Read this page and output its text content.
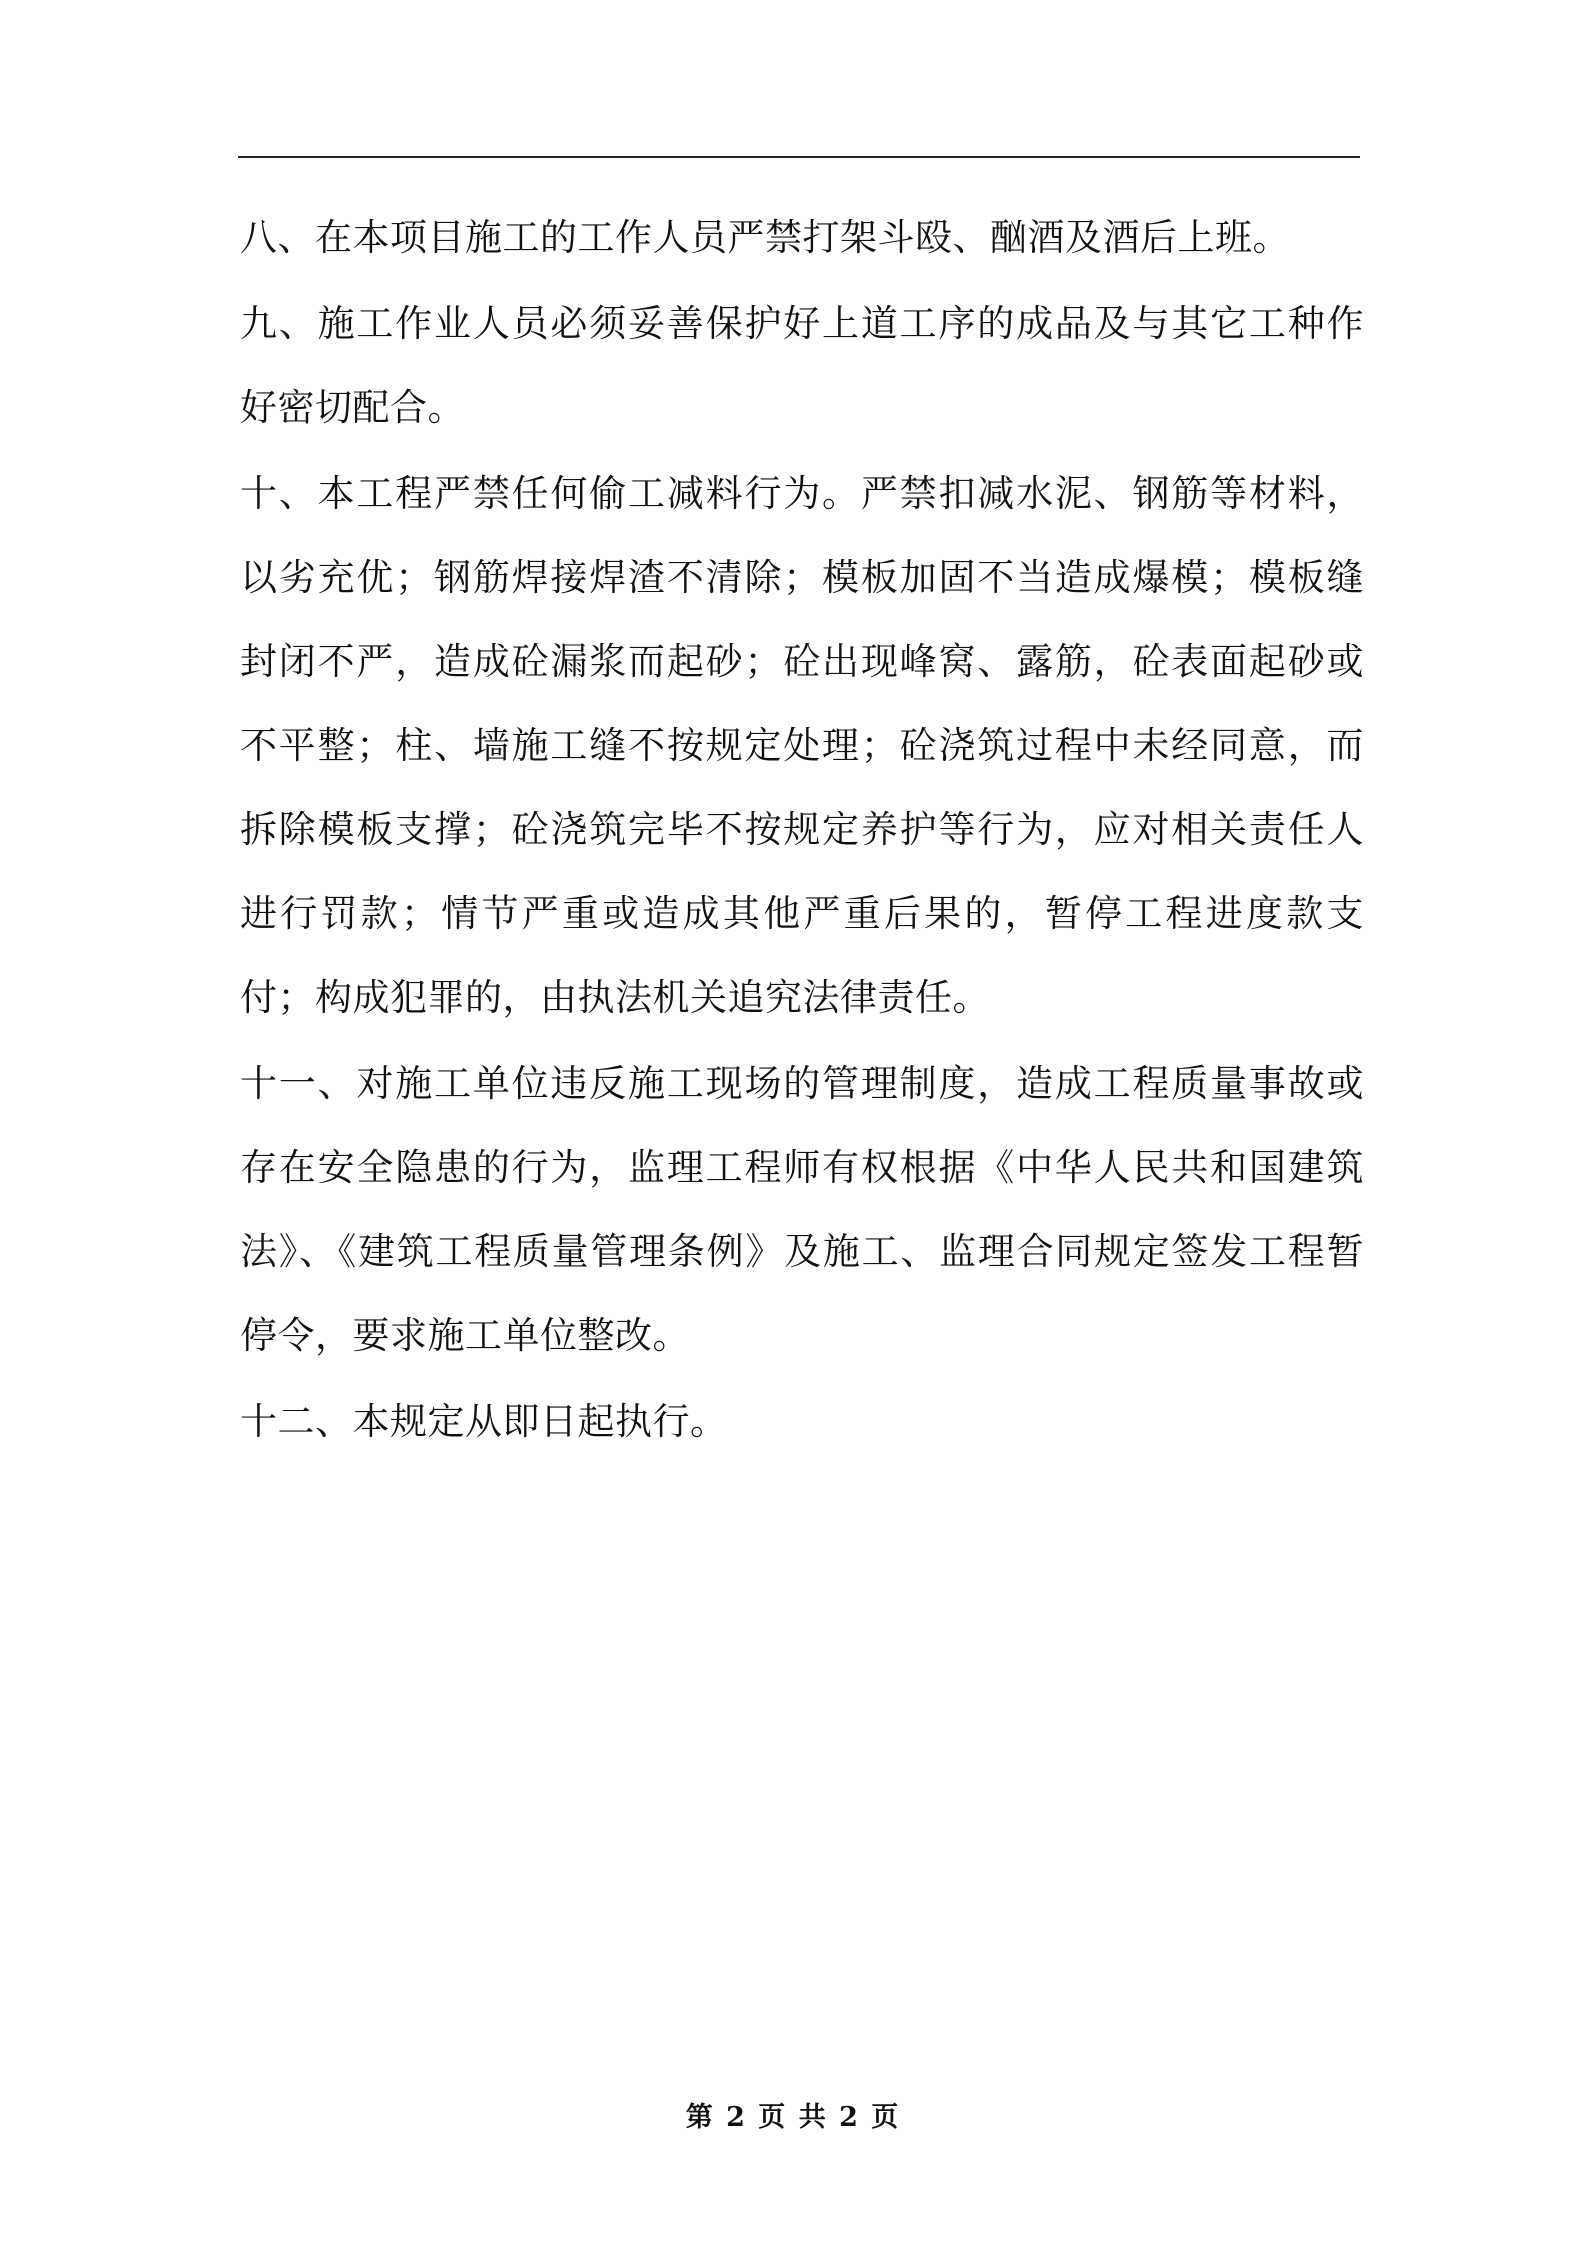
八、在本项目施工的工作人员严禁打架斗殴、酗酒及酒后上班。

九、施工作业人员必须妥善保护好上道工序的成品及与其它工种作好密切配合。

十、本工程严禁任何偷工减料行为。严禁扣减水泥、钢筋等材料，以劣充优；钢筋焊接焊渣不清除；模板加固不当造成爆模；模板缝封闭不严，造成砼漏浆而起砂；砼出现峰窝、露筋，砼表面起砂或不平整；柱、墙施工缝不按规定处理；砼浇筑过程中未经同意，而拆除模板支撑；砼浇筑完毕不按规定养护等行为，应对相关责任人进行罚款；情节严重或造成其他严重后果的，暂停工程进度款支付；构成犯罪的，由执法机关追究法律责任。

十一、对施工单位违反施工现场的管理制度，造成工程质量事故或存在安全隐患的行为，监理工程师有权根据《中华人民共和国建筑法》、《建筑工程质量管理条例》及施工、监理合同规定签发工程暂停令，要求施工单位整改。

十二、本规定从即日起执行。

第 2 页 共 2 页
